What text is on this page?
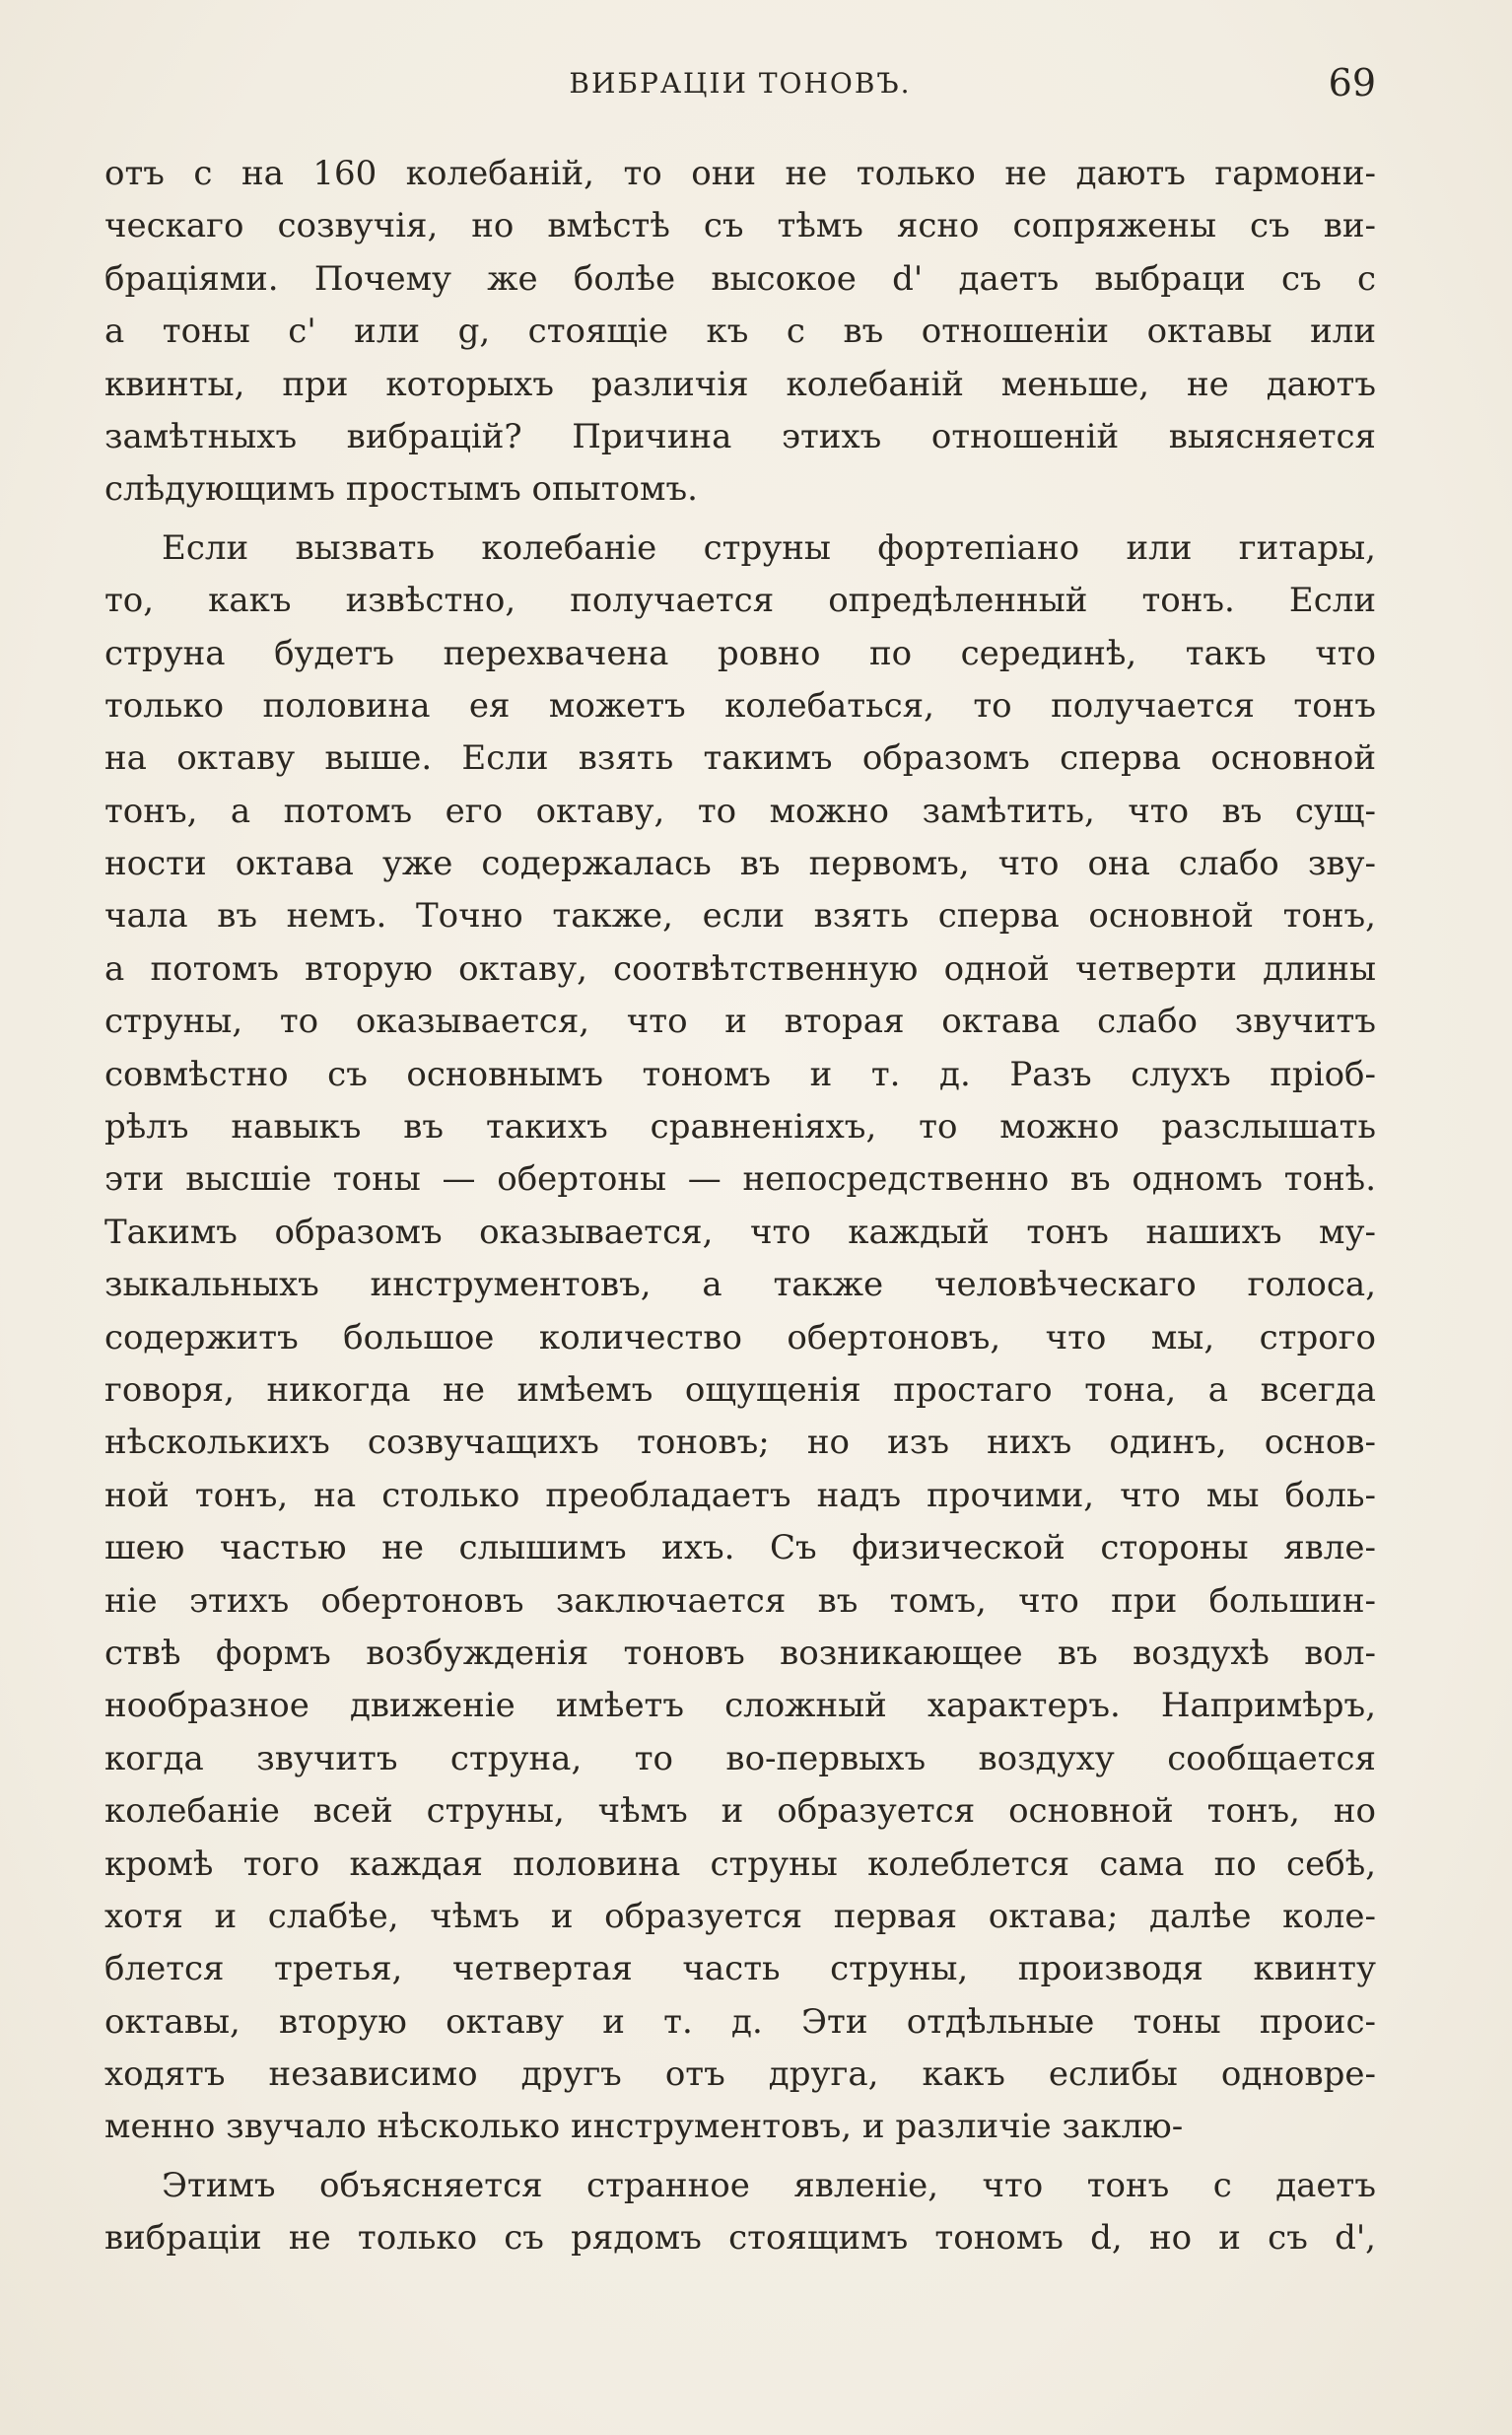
ВИБРАЦІИ ТОНОВЪ.	69
отъ c на 160 колебаній, то они не только не даютъ гармони-
ческаго созвучія, но вмѣстѣ съ тѣмъ ясно сопряжены съ ви-
браціями. Почему же болѣе высокое d' даетъ выбраци съ c
а тоны c' или g, стоящіе къ c въ отношеніи октавы или
квинты, при которыхъ различія колебаній меньше, не даютъ
замѣтныхъ вибрацій? Причина этихъ отношеній выясняется
слѣдующимъ простымъ опытомъ.
Если вызвать колебаніе струны фортепіано или гитары,
то, какъ извѣстно, получается опредѣленный тонъ. Если
струна будетъ перехвачена ровно по серединѣ, такъ что
только половина ея можетъ колебаться, то получается тонъ
на октаву выше. Если взять такимъ образомъ сперва основной
тонъ, а потомъ его октаву, то можно замѣтить, что въ сущ-
ности октава уже содержалась въ первомъ, что она слабо зву-
чала въ немъ. Точно также, если взять сперва основной тонъ,
а потомъ вторую октаву, соотвѣтственную одной четверти длины
струны, то оказывается, что и вторая октава слабо звучитъ
совмѣстно съ основнымъ тономъ и т. д. Разъ слухъ пріоб-
рѣлъ навыкъ въ такихъ сравненіяхъ, то можно разслышать
эти высшіе тоны — обертоны — непосредственно въ одномъ тонѣ.
Такимъ образомъ оказывается, что каждый тонъ нашихъ му-
зыкальныхъ инструментовъ, а также человѣческаго голоса,
содержитъ большое количество обертоновъ, что мы, строго
говоря, никогда не имѣемъ ощущенія простаго тона, а всегда
нѣсколькихъ созвучащихъ тоновъ; но изъ нихъ одинъ, основ-
ной тонъ, на столько преобладаетъ надъ прочими, что мы боль-
шею частью не слышимъ ихъ. Съ физической стороны явле-
ніе этихъ обертоновъ заключается въ томъ, что при большин-
ствѣ формъ возбужденія тоновъ возникающее въ воздухѣ вол-
нообразное движеніе имѣетъ сложный характеръ. Напримѣръ,
когда звучитъ струна, то во-первыхъ воздуху сообщается
колебаніе всей струны, чѣмъ и образуется основной тонъ, но
кромѣ того каждая половина струны колеблется сама по себѣ,
хотя и слабѣе, чѣмъ и образуется первая октава; далѣе коле-
блется третья, четвертая часть струны, производя квинту
октавы, вторую октаву и т. д. Эти отдѣльные тоны проис-
ходятъ независимо другъ отъ друга, какъ еслибы одновре-
менно звучало нѣсколько инструментовъ, и различіе заклю-
Этимъ объясняется странное явленіе, что тонъ c даетъ
вибраціи не только съ рядомъ стоящимъ тономъ d, но и съ d',
